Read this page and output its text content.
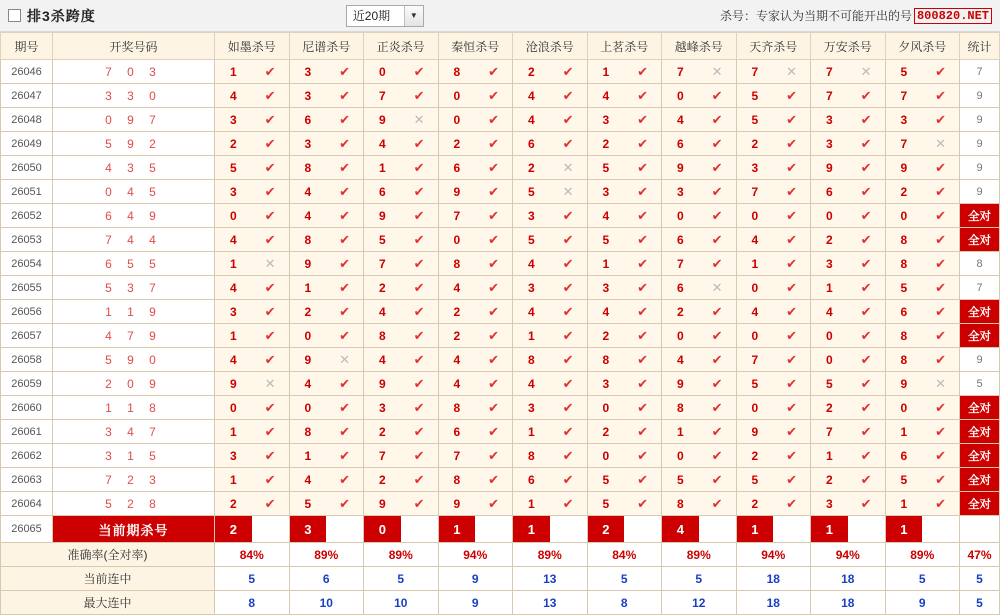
排3杀跨度	近20期	▼	杀号：专家认为当期不可能开出的号 800820.NET
期号	开奖号码	如墨杀号		尼谱杀号		正炎杀号		秦恒杀号		沧浪杀号		上茗杀号		越峰杀号		天齐杀号		万安杀号		夕风杀号		统计
26046	7 0 3	1	✔	3	✔	0	✔	8	✔	2	✔	1	✔	7	✕	7	✕	7	✕	5	✔	7
26047	3 3 0	4	✔	3	✔	7	✔	0	✔	4	✔	4	✔	0	✔	5	✔	7	✔	7	✔	9
26048	0 9 7	3	✔	6	✔	9	✕	0	✔	4	✔	3	✔	4	✔	5	✔	3	✔	3	✔	9
26049	5 9 2	2	✔	3	✔	4	✔	2	✔	6	✔	2	✔	6	✔	2	✔	3	✔	7	✕	9
26050	4 3 5	5	✔	8	✔	1	✔	6	✔	2	✕	5	✔	9	✔	3	✔	9	✔	9	✔	9
26051	0 4 5	3	✔	4	✔	6	✔	9	✔	5	✕	3	✔	3	✔	7	✔	6	✔	2	✔	9
26052	6 4 9	0	✔	4	✔	9	✔	7	✔	3	✔	4	✔	0	✔	0	✔	0	✔	0	✔	全对
26053	7 4 4	4	✔	8	✔	5	✔	0	✔	5	✔	5	✔	6	✔	4	✔	2	✔	8	✔	全对
26054	6 5 5	1	✕	9	✔	7	✔	8	✔	4	✔	1	✔	7	✔	1	✔	3	✔	8	✔	8
26055	5 3 7	4	✔	1	✔	2	✔	4	✔	3	✔	3	✔	6	✕	0	✔	1	✔	5	✔	7
26056	1 1 9	3	✔	2	✔	4	✔	2	✔	4	✔	4	✔	2	✔	4	✔	4	✔	6	✔	全对
26057	4 7 9	1	✔	0	✔	8	✔	2	✔	1	✔	2	✔	0	✔	0	✔	0	✔	8	✔	全对
26058	5 9 0	4	✔	9	✕	4	✔	4	✔	8	✔	8	✔	4	✔	7	✔	0	✔	8	✔	9
26059	2 0 9	9	✕	4	✔	9	✔	4	✔	4	✔	3	✔	9	✔	5	✔	5	✔	9	✕	5
26060	1 1 8	0	✔	0	✔	3	✔	8	✔	3	✔	0	✔	8	✔	0	✔	2	✔	0	✔	全对
26061	3 4 7	1	✔	8	✔	2	✔	6	✔	1	✔	2	✔	1	✔	9	✔	7	✔	1	✔	全对
26062	3 1 5	3	✔	1	✔	7	✔	7	✔	8	✔	0	✔	0	✔	2	✔	1	✔	6	✔	全对
26063	7 2 3	1	✔	4	✔	2	✔	8	✔	6	✔	5	✔	5	✔	5	✔	2	✔	5	✔	全对
26064	5 2 8	2	✔	5	✔	9	✔	9	✔	1	✔	5	✔	8	✔	2	✔	3	✔	1	✔	全对
26065	当前期杀号	2		3		0		1		1		2		4		1		1		1		
准确率(全对率)		84%		89%		89%		94%		89%		84%		89%		94%		94%		89%		47%
当前连中		5		6		5		9		13		5		5		18		18		5		5
最大连中		8		10		10		9		13		8		12		18		18		9		5
